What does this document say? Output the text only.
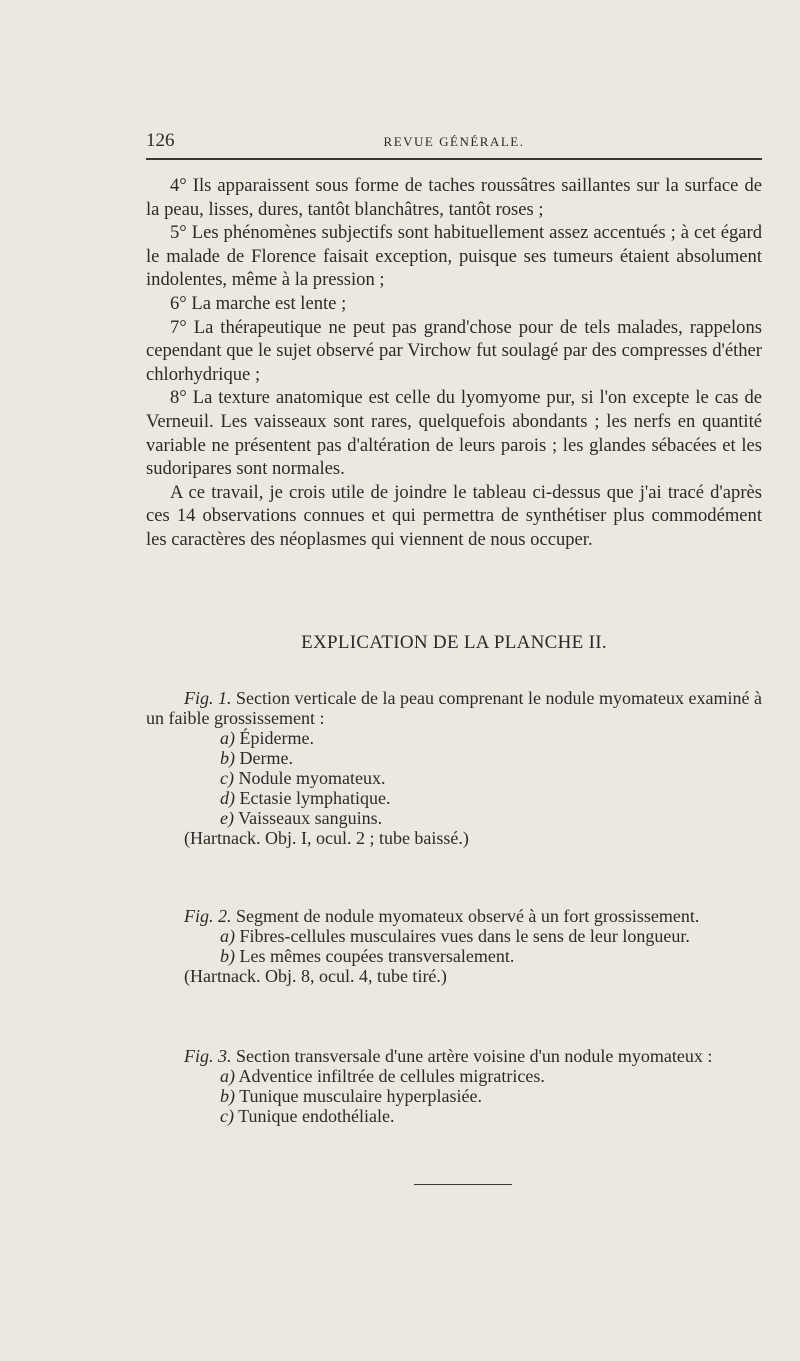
126	REVUE GÉNÉRALE.

4° Ils apparaissent sous forme de taches roussâtres saillantes sur la surface de la peau, lisses, dures, tantôt blanchâtres, tantôt roses ;

5° Les phénomènes subjectifs sont habituellement assez accentués ; à cet égard le malade de Florence faisait exception, puisque ses tumeurs étaient absolument indolentes, même à la pression ;

6° La marche est lente ;

7° La thérapeutique ne peut pas grand'chose pour de tels malades, rappelons cependant que le sujet observé par Virchow fut soulagé par des compresses d'éther chlorhydrique ;

8° La texture anatomique est celle du lyomyome pur, si l'on excepte le cas de Verneuil. Les vaisseaux sont rares, quelquefois abondants ; les nerfs en quantité variable ne présentent pas d'altération de leurs parois ; les glandes sébacées et les sudoripares sont normales.

A ce travail, je crois utile de joindre le tableau ci-dessus que j'ai tracé d'après ces 14 observations connues et qui permettra de synthétiser plus commodément les caractères des néoplasmes qui viennent de nous occuper.

EXPLICATION DE LA PLANCHE II.

Fig. 1. Section verticale de la peau comprenant le nodule myomateux examiné à un faible grossissement :

a) Épiderme.
b) Derme.
c) Nodule myomateux.
d) Ectasie lymphatique.
e) Vaisseaux sanguins.

(Hartnack. Obj. I, ocul. 2 ; tube baissé.)

Fig. 2. Segment de nodule myomateux observé à un fort grossissement.

a) Fibres-cellules musculaires vues dans le sens de leur longueur.
b) Les mêmes coupées transversalement.

(Hartnack. Obj. 8, ocul. 4, tube tiré.)

Fig. 3. Section transversale d'une artère voisine d'un nodule myomateux :

a) Adventice infiltrée de cellules migratrices.
b) Tunique musculaire hyperplasiée.
c) Tunique endothéliale.
